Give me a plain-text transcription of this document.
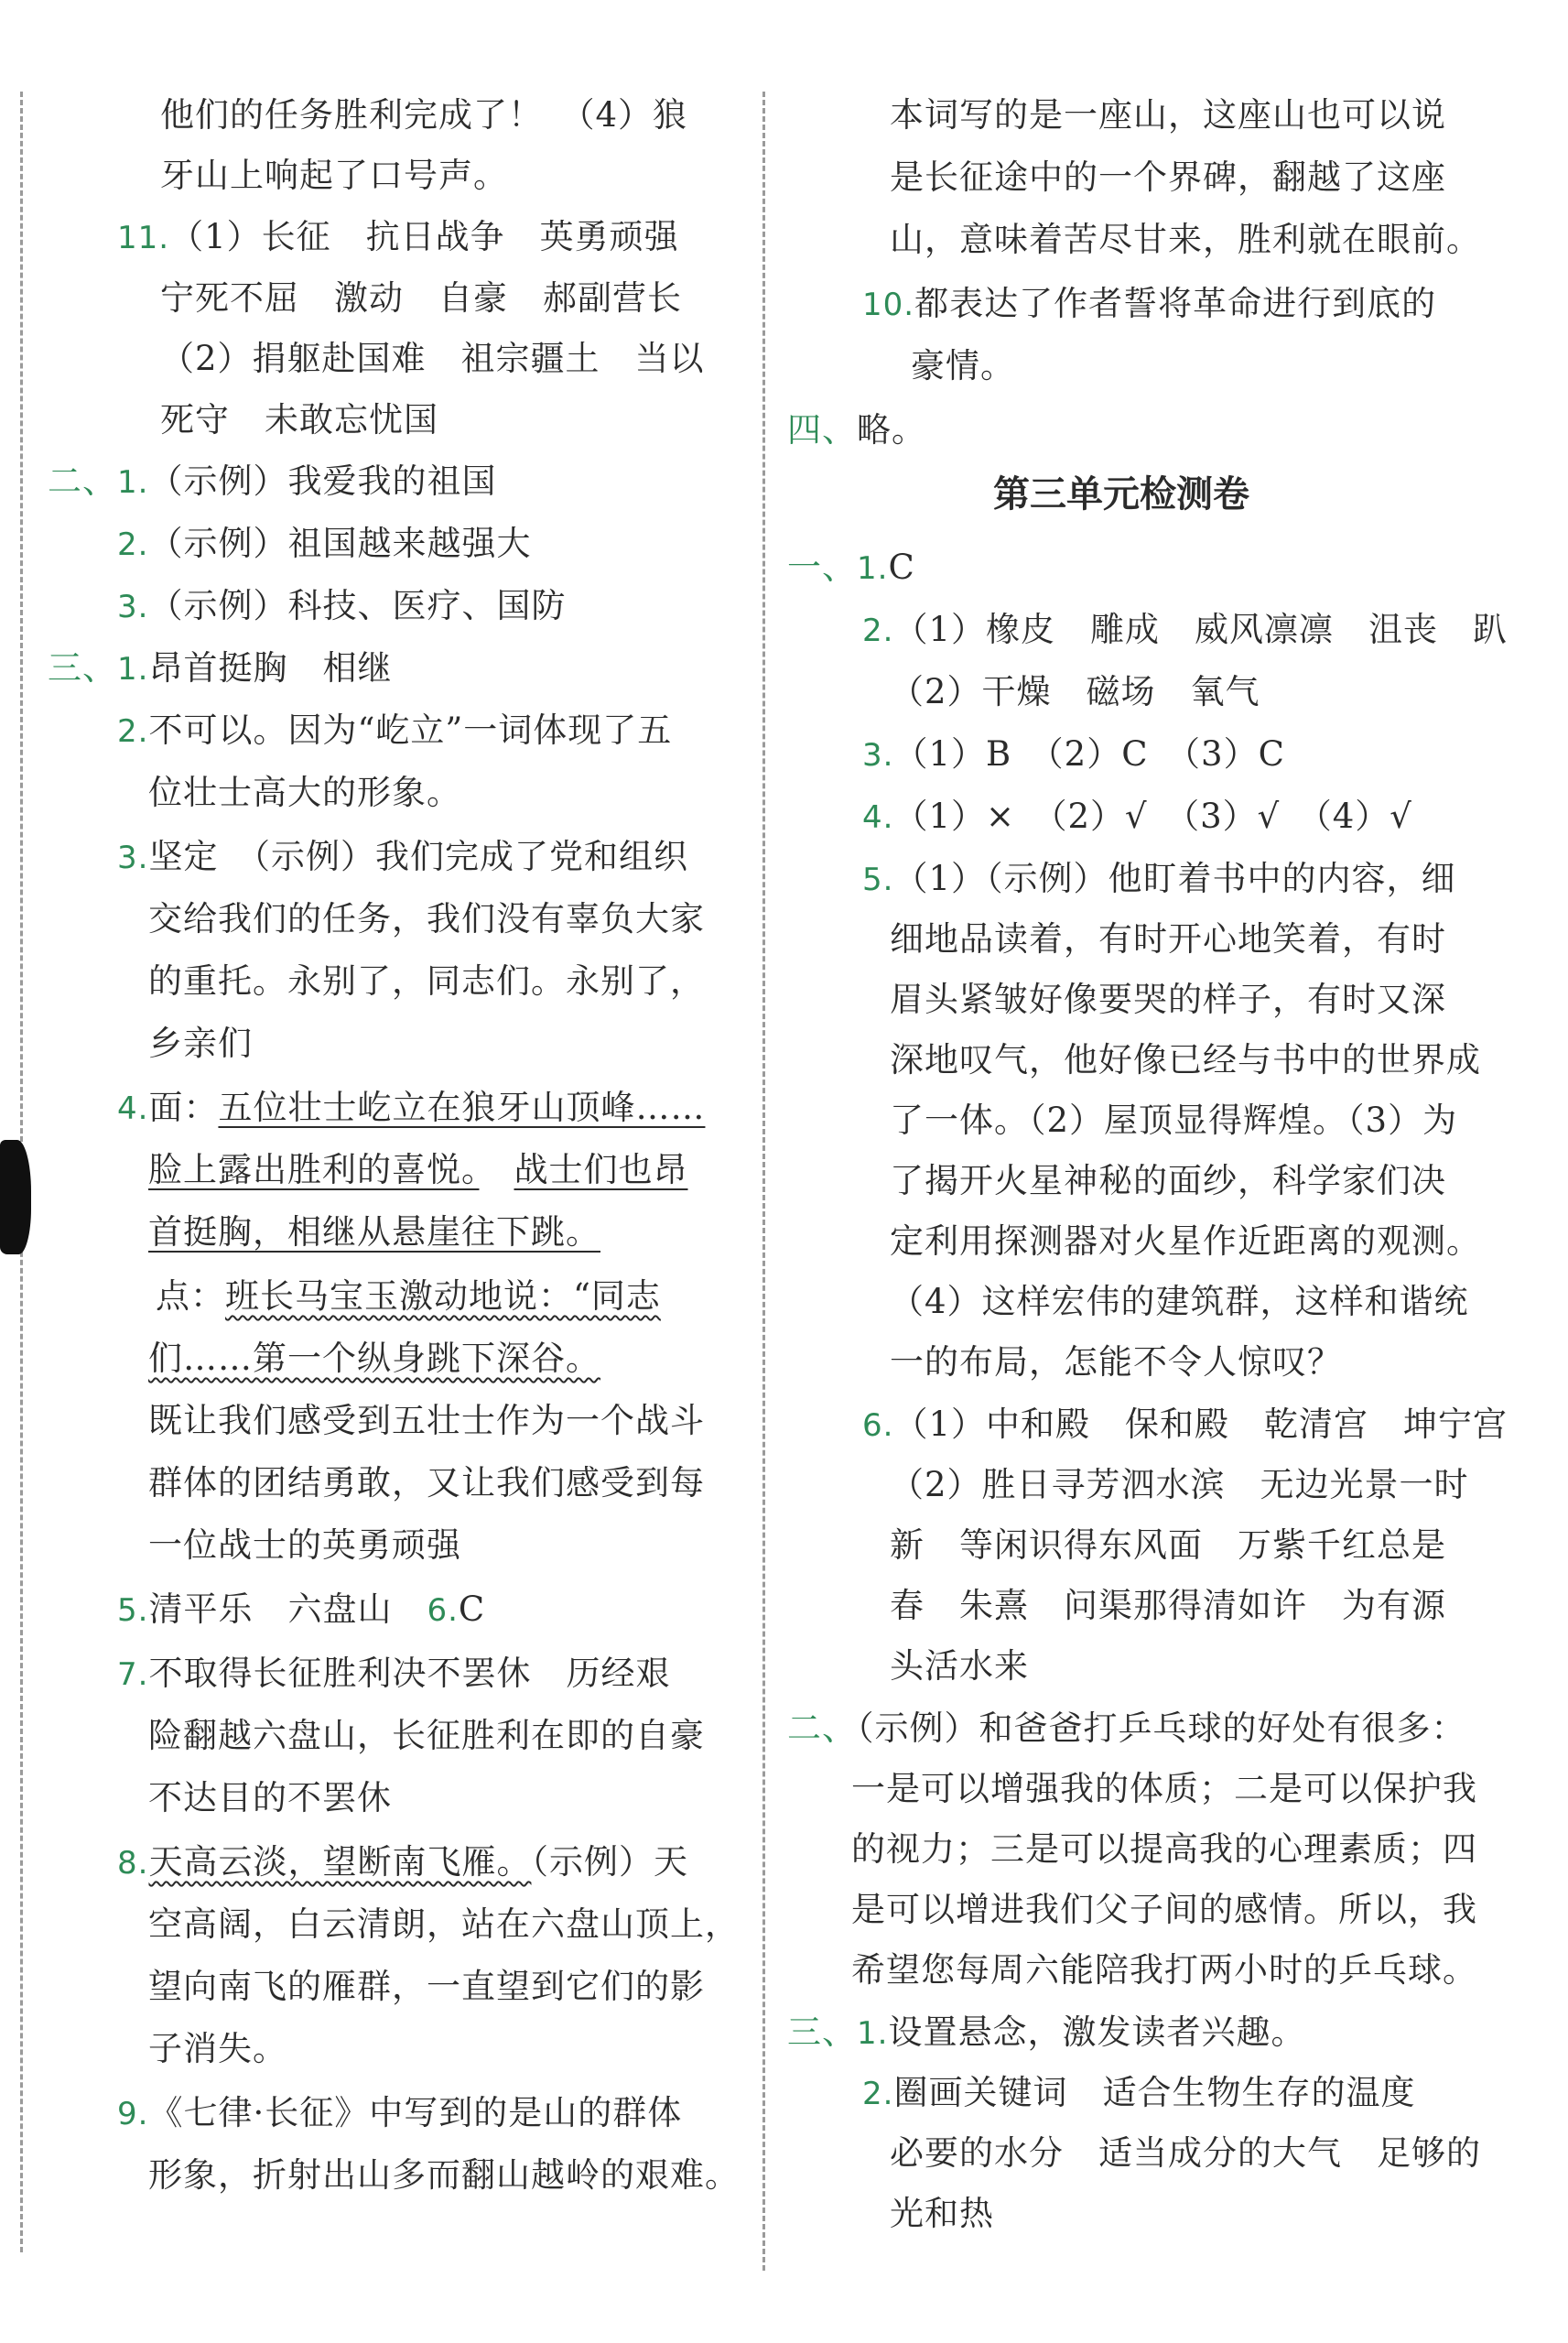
他们的任务胜利完成了！　（4）狼
牙山上响起了口号声。
11.（1）长征　抗日战争　英勇顽强
宁死不屈　激动　自豪　郝副营长
（2）捐躯赴国难　祖宗疆土　当以
死守　未敢忘忧国
二、1.（示例）我爱我的祖国
2.（示例）祖国越来越强大
3.（示例）科技、医疗、国防
三、1.昂首挺胸　相继
2.不可以。因为“屹立”一词体现了五
位壮士高大的形象。
3.坚定　（示例）我们完成了党和组织
交给我们的任务，我们没有辜负大家
的重托。永别了，同志们。永别了，
乡亲们
4.面：五位壮士屹立在狼牙山顶峰……
脸上露出胜利的喜悦。　 战士们也昂
首挺胸，相继从悬崖往下跳。
点：班长马宝玉激动地说：“同志
们……第一个纵身跳下深谷。
既让我们感受到五壮士作为一个战斗
群体的团结勇敢，又让我们感受到每
一位战士的英勇顽强
5.清平乐　六盘山　 6.C
7.不取得长征胜利决不罢休　历经艰
险翻越六盘山，长征胜利在即的自豪
不达目的不罢休
8.天高云淡，望断南飞雁。（示例）天
空高阔，白云清朗，站在六盘山顶上，
望向南飞的雁群，一直望到它们的影
子消失。
9.《七律·长征》中写到的是山的群体
形象，折射出山多而翻山越岭的艰难。
本词写的是一座山，这座山也可以说
是长征途中的一个界碑，翻越了这座
山，意味着苦尽甘来，胜利就在眼前。
10.都表达了作者誓将革命进行到底的
豪情。
四、略。
第三单元检测卷
一、1.C
2.（1）橡皮　雕成　威风凛凛　沮丧　趴
（2）干燥　磁场　氧气
3.（1）B　（2）C　（3）C
4.（1）×　（2）√　（3）√　（4）√
5.（1）（示例）他盯着书中的内容，细
细地品读着，有时开心地笑着，有时
眉头紧皱好像要哭的样子，有时又深
深地叹气，他好像已经与书中的世界成
了一体。（2）屋顶显得辉煌。（3）为
了揭开火星神秘的面纱，科学家们决
定利用探测器对火星作近距离的观测。
（4）这样宏伟的建筑群，这样和谐统
一的布局，怎能不令人惊叹？
6.（1）中和殿　保和殿　乾清宫　坤宁宫
（2）胜日寻芳泗水滨　无边光景一时
新　等闲识得东风面　万紫千红总是
春　朱熹　问渠那得清如许　为有源
头活水来
二、（示例）和爸爸打乒乓球的好处有很多：
一是可以增强我的体质；二是可以保护我
的视力；三是可以提高我的心理素质；四
是可以增进我们父子间的感情。所以，我
希望您每周六能陪我打两小时的乒乓球。
三、1.设置悬念，激发读者兴趣。
2.圈画关键词　适合生物生存的温度
必要的水分　适当成分的大气　足够的
光和热
